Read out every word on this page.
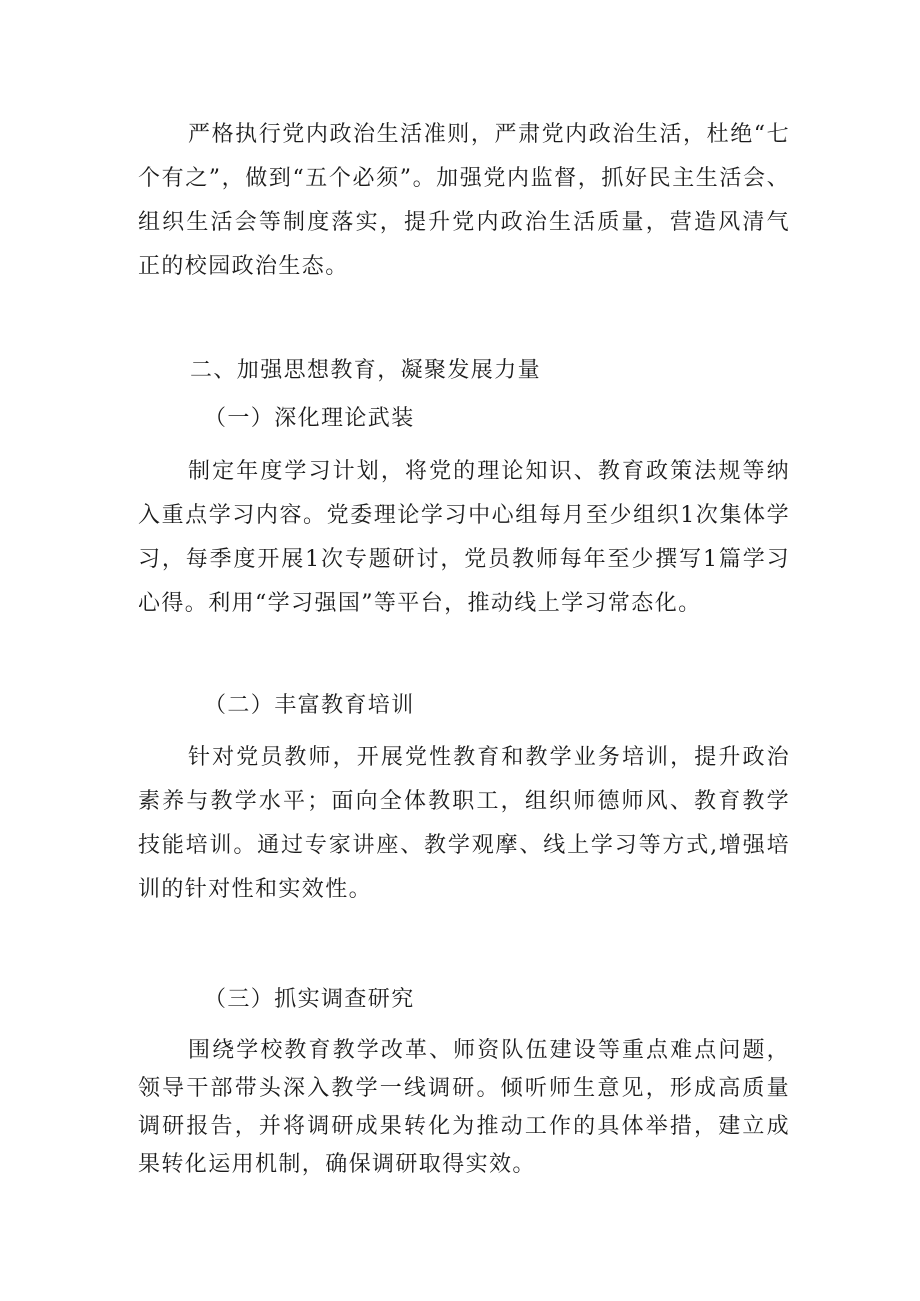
严格执行党内政治生活准则，严肃党内政治生活，杜绝“七个有之”，做到“五个必须”。加强党内监督，抓好民主生活会、组织生活会等制度落实，提升党内政治生活质量，营造风清气正的校园政治生态。

二、加强思想教育，凝聚发展力量
（一）深化理论武装

制定年度学习计划，将党的理论知识、教育政策法规等纳入重点学习内容。党委理论学习中心组每月至少组织1次集体学习，每季度开展1次专题研讨，党员教师每年至少撰写1篇学习心得。利用“学习强国”等平台，推动线上学习常态化。

（二）丰富教育培训

针对党员教师，开展党性教育和教学业务培训，提升政治素养与教学水平；面向全体教职工，组织师德师风、教育教学技能培训。通过专家讲座、教学观摩、线上学习等方式,增强培训的针对性和实效性。

（三）抓实调查研究

围绕学校教育教学改革、师资队伍建设等重点难点问题，领导干部带头深入教学一线调研。倾听师生意见，形成高质量调研报告，并将调研成果转化为推动工作的具体举措，建立成果转化运用机制，确保调研取得实效。
